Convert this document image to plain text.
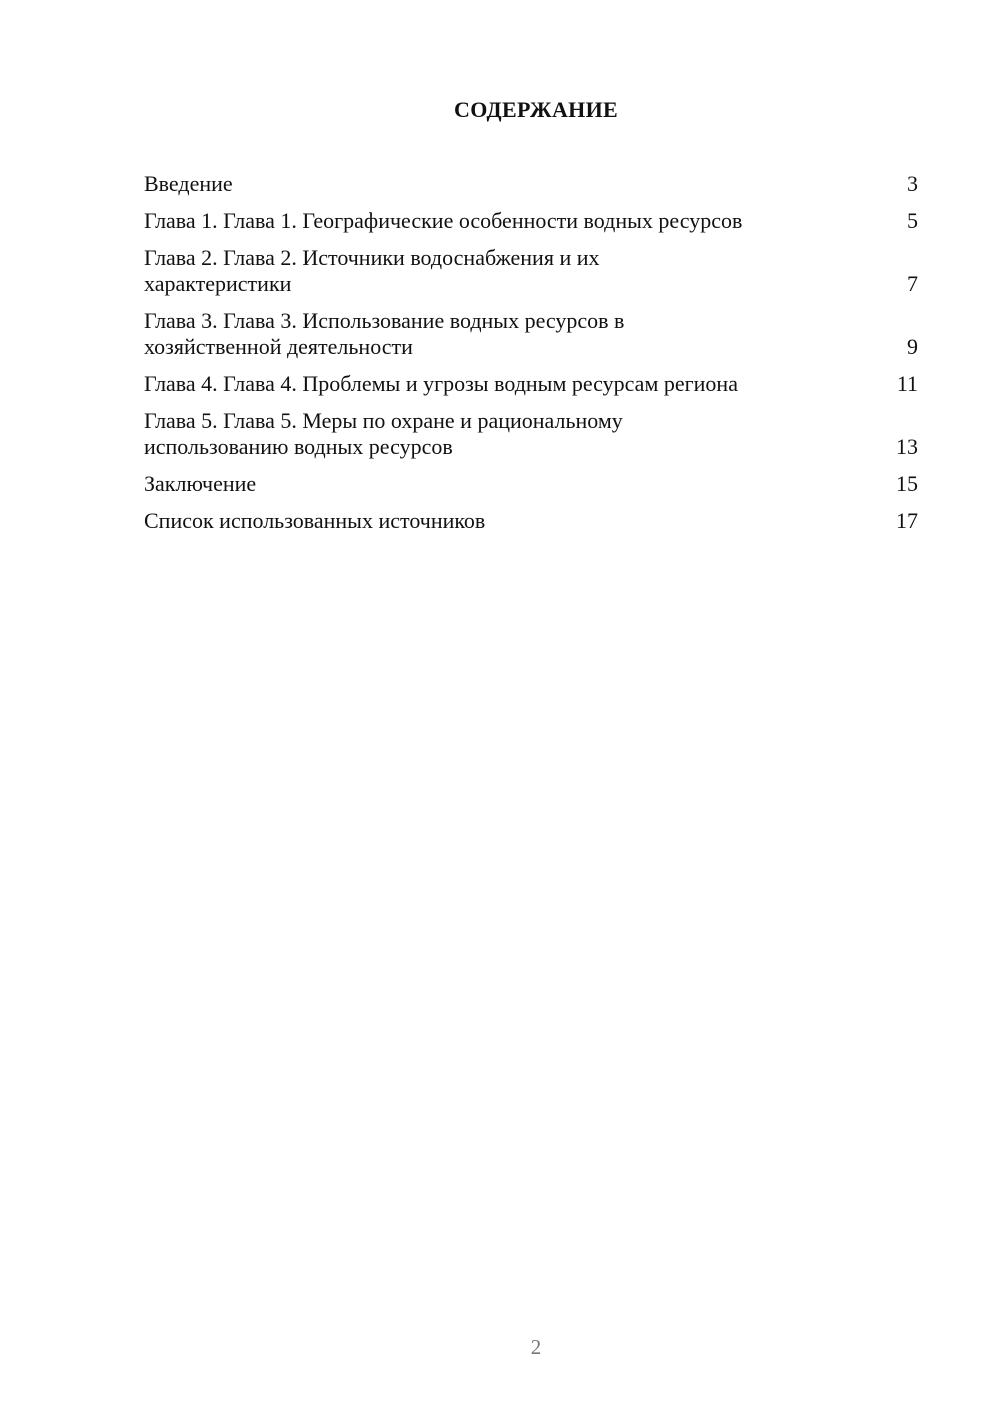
СОДЕРЖАНИЕ
Введение	3
Глава 1. Глава 1. Географические особенности водных ресурсов	5
Глава 2. Глава 2. Источники водоснабжения и их
характеристики	7
Глава 3. Глава 3. Использование водных ресурсов в
хозяйственной деятельности	9
Глава 4. Глава 4. Проблемы и угрозы водным ресурсам региона	11
Глава 5. Глава 5. Меры по охране и рациональному
использованию водных ресурсов	13
Заключение	15
Список использованных источников	17
2
